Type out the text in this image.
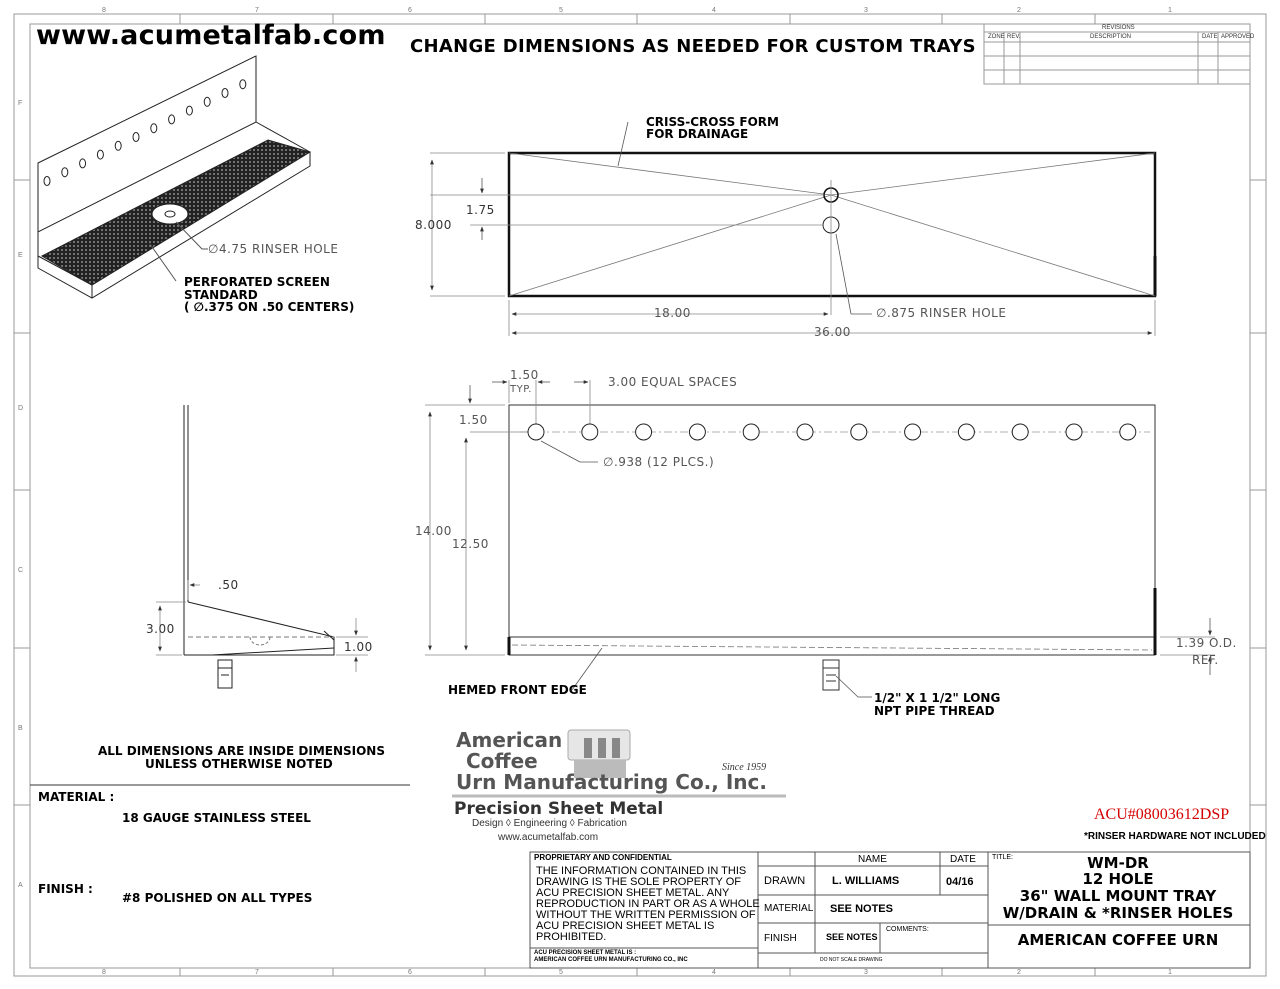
www.acumetalfab.com CHANGE DIMENSIONS AS NEEDED FOR CUSTOM TRAYS
REVISIONS
ZONE REV.	DESCRIPTION	DATE APPROVED
8	7	6	5	4	3	2	1
8	7	6	5	4	3	2	1
F
E
D
C
B
A
∅4.75 RINSER HOLE
PERFORATED SCREEN
STANDARD
( ∅.375 ON .50 CENTERS)
CRISS-CROSS FORM
FOR DRAINAGE
8.000
1.75
18.00
36.00
∅.875 RINSER HOLE
1.50
TYP.
3.00 EQUAL SPACES
1.50
∅.938 (12 PLCS.)
14.00
12.50
1.39 O.D.
REF.
HEMED FRONT EDGE
1/2" X 1 1/2" LONG
NPT PIPE THREAD
.50
3.00
1.00
ALL DIMENSIONS ARE INSIDE DIMENSIONS
UNLESS OTHERWISE NOTED
MATERIAL :
18 GAUGE STAINLESS STEEL
FINISH :
#8 POLISHED ON ALL TYPES
American
Coffee
Urn Manufacturing Co., Inc.
Since 1959
Precision Sheet Metal
Design ◊ Engineering ◊ Fabrication
www.acumetalfab.com
ACU#08003612DSP
*RINSER HARDWARE NOT INCLUDED
PROPRIETARY AND CONFIDENTIAL
THE INFORMATION CONTAINED IN THIS DRAWING IS THE SOLE PROPERTY OF ACU PRECISION SHEET METAL. ANY REPRODUCTION IN PART OR AS A WHOLE WITHOUT THE WRITTEN PERMISSION OF ACU PRECISION SHEET METAL IS PROHIBITED.
ACU PRECISION SHEET METAL IS :
AMERICAN COFFEE URN MANUFACTURING CO., INC
NAME	DATE
DRAWN L. WILLIAMS	04/16
MATERIAL SEE NOTES
FINISH	SEE NOTES
COMMENTS:
DO NOT SCALE DRAWING
TITLE:	WM-DR
12 HOLE
36" WALL MOUNT TRAY
W/DRAIN & *RINSER HOLES
AMERICAN COFFEE URN
